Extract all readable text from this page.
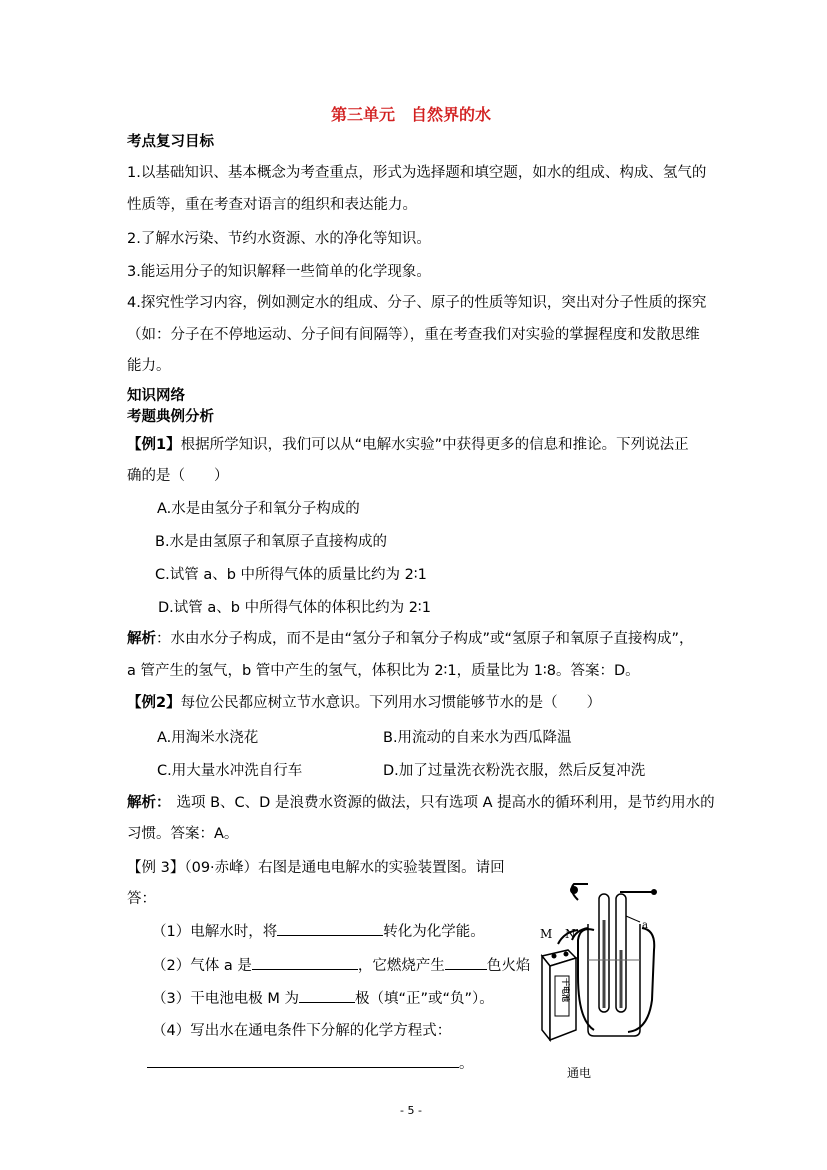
第三单元　自然界的水
考点复习目标
1.以基础知识、基本概念为考查重点，形式为选择题和填空题，如水的组成、构成、氢气的
性质等，重在考查对语言的组织和表达能力。
2.了解水污染、节约水资源、水的净化等知识。
3.能运用分子的知识解释一些简单的化学现象。
4.探究性学习内容，例如测定水的组成、分子、原子的性质等知识，突出对分子性质的探究
（如：分子在不停地运动、分子间有间隔等），重在考查我们对实验的掌握程度和发散思维
能力。
知识网络
考题典例分析
【例1】根据所学知识，我们可以从“电解水实验”中获得更多的信息和推论。下列说法正
确的是（　　）
A.水是由氢分子和氧分子构成的
B.水是由氢原子和氧原子直接构成的
C.试管 a、b 中所得气体的质量比约为 2∶1
D.试管 a、b 中所得气体的体积比约为 2∶1
解析：水由水分子构成，而不是由“氢分子和氧分子构成”或“氢原子和氧原子直接构成”，
a 管产生的氢气，b 管中产生的氢气，体积比为 2∶1，质量比为 1∶8。答案：D。
【例2】每位公民都应树立节水意识。下列用水习惯能够节水的是（　　）
A.用淘米水浇花	B.用流动的自来水为西瓜降温
C.用大量水冲洗自行车	D.加了过量洗衣粉洗衣服，然后反复冲洗
解析： 选项 B、C、D 是浪费水资源的做法，只有选项 A 提高水的循环利用，是节约用水的
习惯。答案：A。
【例 3】（09·赤峰）右图是通电电解水的实验装置图。请回
答：
（1）电解水时，将	转化为化学能。
（2）气体 a 是	，它燃烧产生	色火焰
（3）干电池电极 M 为	极（填“正”或“负”）。
（4）写出水在通电条件下分解的化学方程式：
。
M N
a
干电池
通电
- 5 -
